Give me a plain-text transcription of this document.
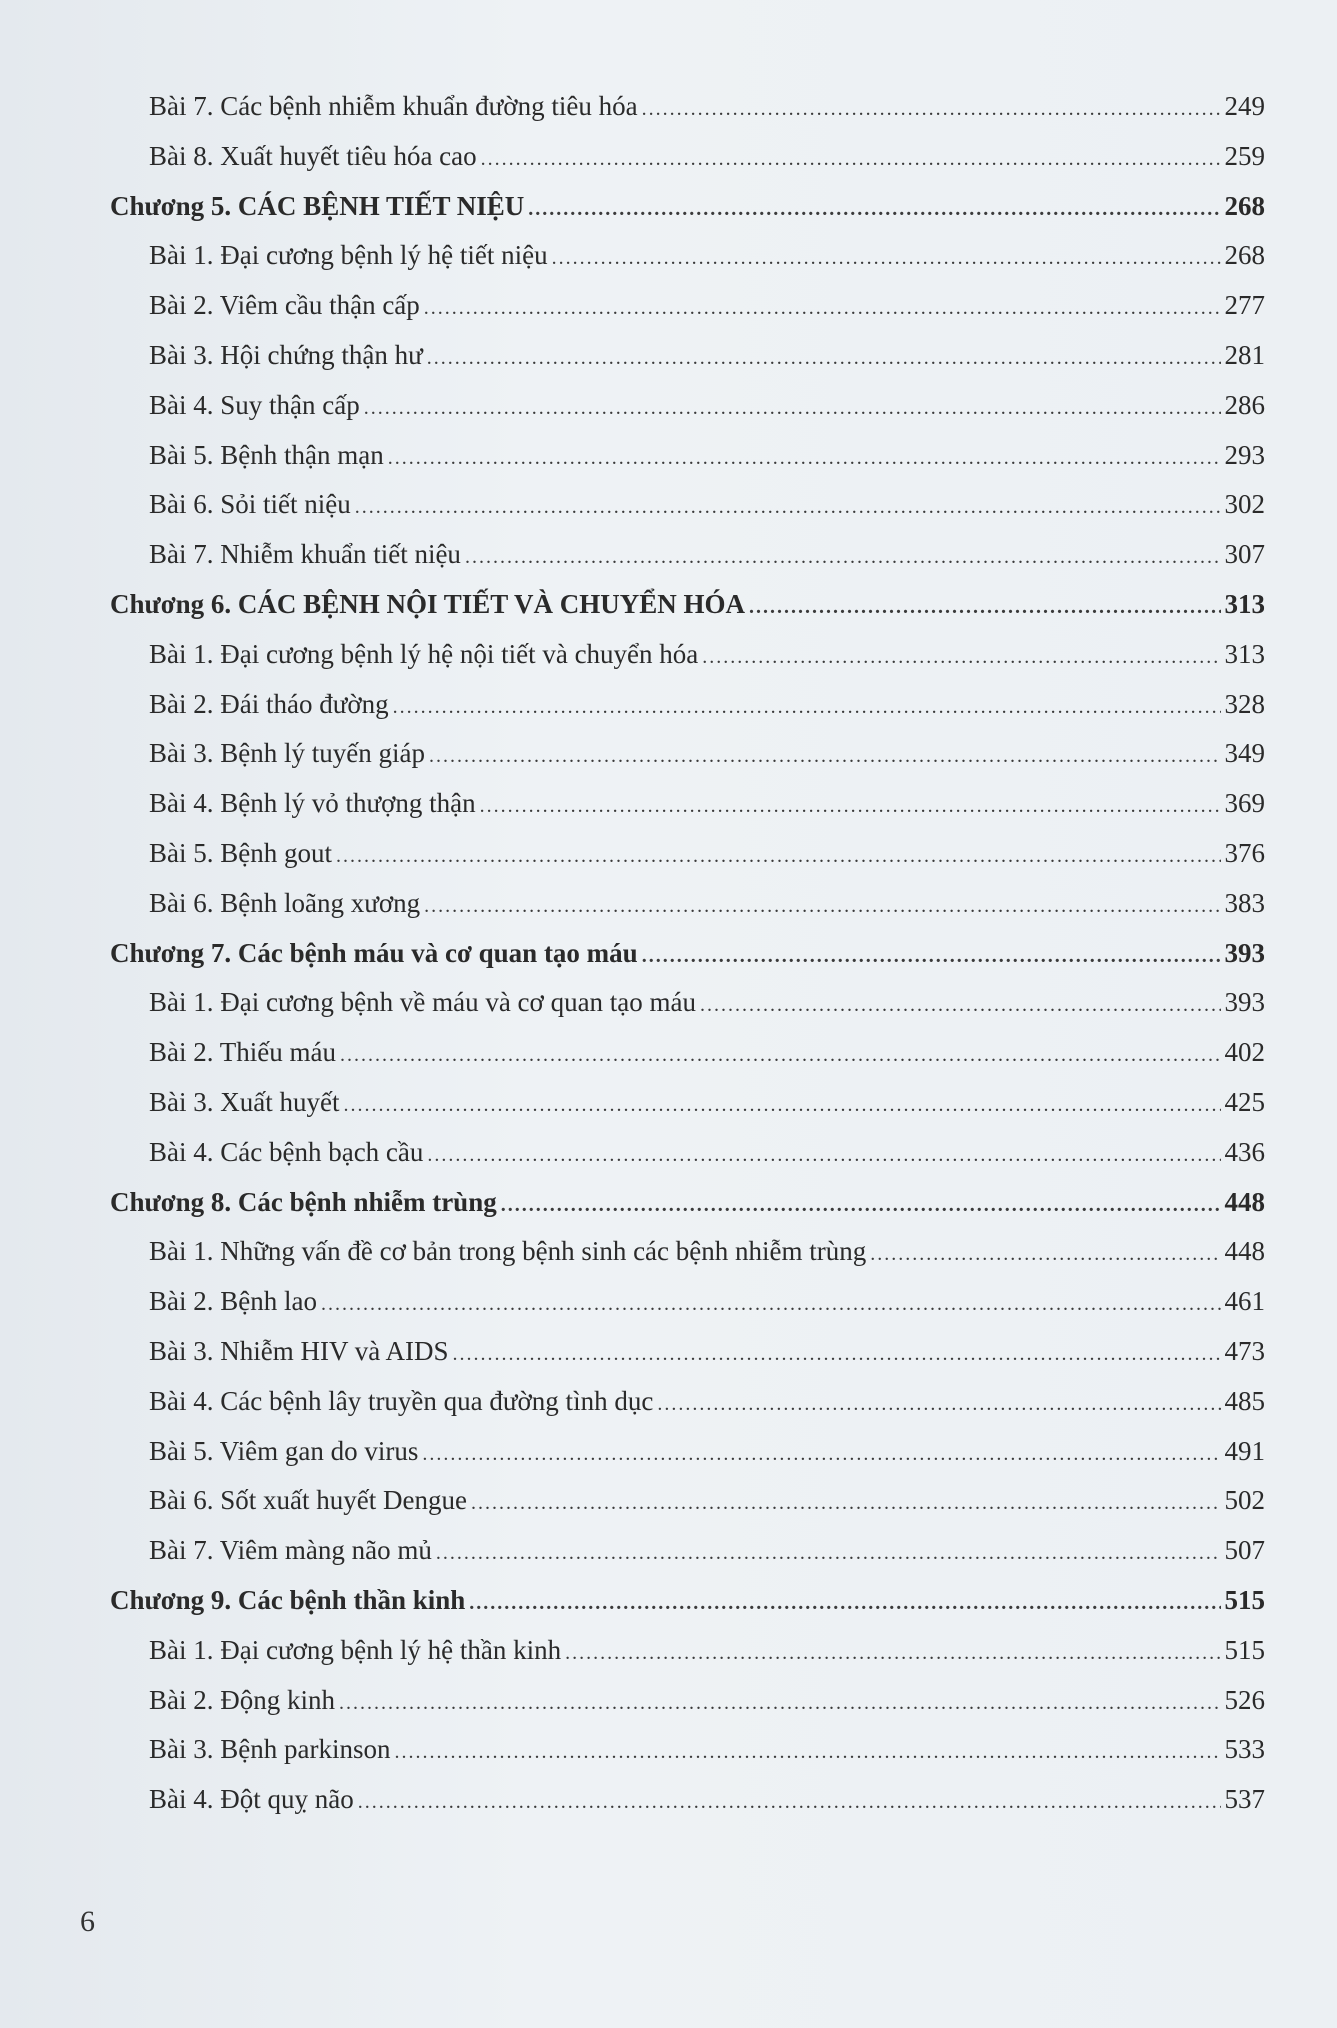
Bài 7. Các bệnh nhiễm khuẩn đường tiêu hóa .....	249
Bài 8. Xuất huyết tiêu hóa cao .....	259
Chương 5. CÁC BỆNH TIẾT NIỆU .....	268
Bài 1. Đại cương bệnh lý hệ tiết niệu .....	268
Bài 2. Viêm cầu thận cấp .....	277
Bài 3. Hội chứng thận hư .....	281
Bài 4. Suy thận cấp .....	286
Bài 5. Bệnh thận mạn .....	293
Bài 6. Sỏi tiết niệu .....	302
Bài 7. Nhiễm khuẩn tiết niệu .....	307
Chương 6. CÁC BỆNH NỘI TIẾT VÀ CHUYỂN HÓA .....	313
Bài 1. Đại cương bệnh lý hệ nội tiết và chuyển hóa .....	313
Bài 2. Đái tháo đường .....	328
Bài 3. Bệnh lý tuyến giáp .....	349
Bài 4. Bệnh lý vỏ thượng thận .....	369
Bài 5. Bệnh gout .....	376
Bài 6. Bệnh loãng xương .....	383
Chương 7. Các bệnh máu và cơ quan tạo máu .....	393
Bài 1. Đại cương bệnh về máu và cơ quan tạo máu .....	393
Bài 2. Thiếu máu .....	402
Bài 3. Xuất huyết .....	425
Bài 4. Các bệnh bạch cầu .....	436
Chương 8. Các bệnh nhiễm trùng .....	448
Bài 1. Những vấn đề cơ bản trong bệnh sinh các bệnh nhiễm trùng .....	448
Bài 2. Bệnh lao .....	461
Bài 3. Nhiễm HIV và AIDS .....	473
Bài 4. Các bệnh lây truyền qua đường tình dục .....	485
Bài 5. Viêm gan do virus .....	491
Bài 6. Sốt xuất huyết Dengue .....	502
Bài 7. Viêm màng não mủ .....	507
Chương 9. Các bệnh thần kinh .....	515
Bài 1. Đại cương bệnh lý hệ thần kinh .....	515
Bài 2. Động kinh .....	526
Bài 3. Bệnh parkinson .....	533
Bài 4. Đột quỵ não .....	537
6
